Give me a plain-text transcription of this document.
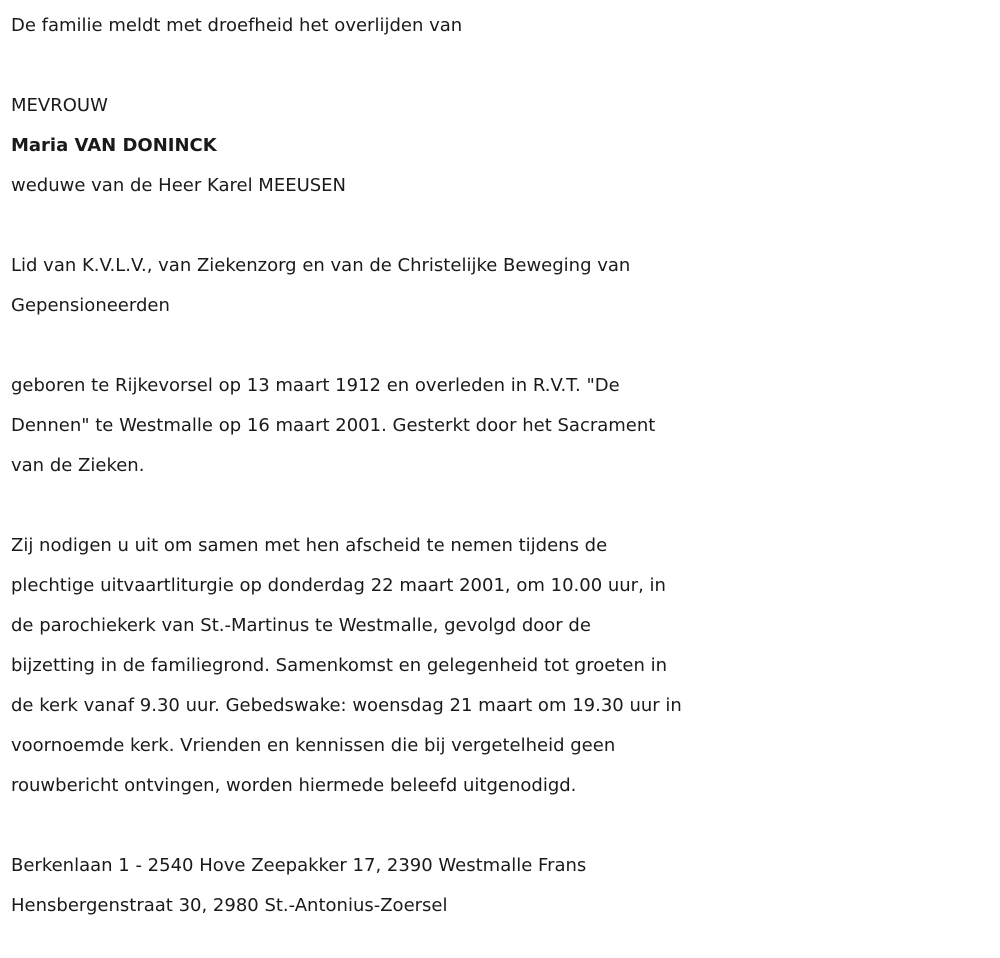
De familie meldt met droefheid het overlijden van

MEVROUW

Maria VAN DONINCK

weduwe van de Heer Karel MEEUSEN

Lid van K.V.L.V., van Ziekenzorg en van de Christelijke Beweging van

Gepensioneerden

geboren te Rijkevorsel op 13 maart 1912 en overleden in R.V.T. "De

Dennen" te Westmalle op 16 maart 2001. Gesterkt door het Sacrament

van de Zieken.

Zij nodigen u uit om samen met hen afscheid te nemen tijdens de

plechtige uitvaartliturgie op donderdag 22 maart 2001, om 10.00 uur, in

de parochiekerk van St.-Martinus te Westmalle, gevolgd door de

bijzetting in de familiegrond. Samenkomst en gelegenheid tot groeten in

de kerk vanaf 9.30 uur. Gebedswake: woensdag 21 maart om 19.30 uur in

voornoemde kerk. Vrienden en kennissen die bij vergetelheid geen

rouwbericht ontvingen, worden hiermede beleefd uitgenodigd.

Berkenlaan 1 - 2540 Hove Zeepakker 17, 2390 Westmalle Frans

Hensbergenstraat 30, 2980 St.-Antonius-Zoersel
